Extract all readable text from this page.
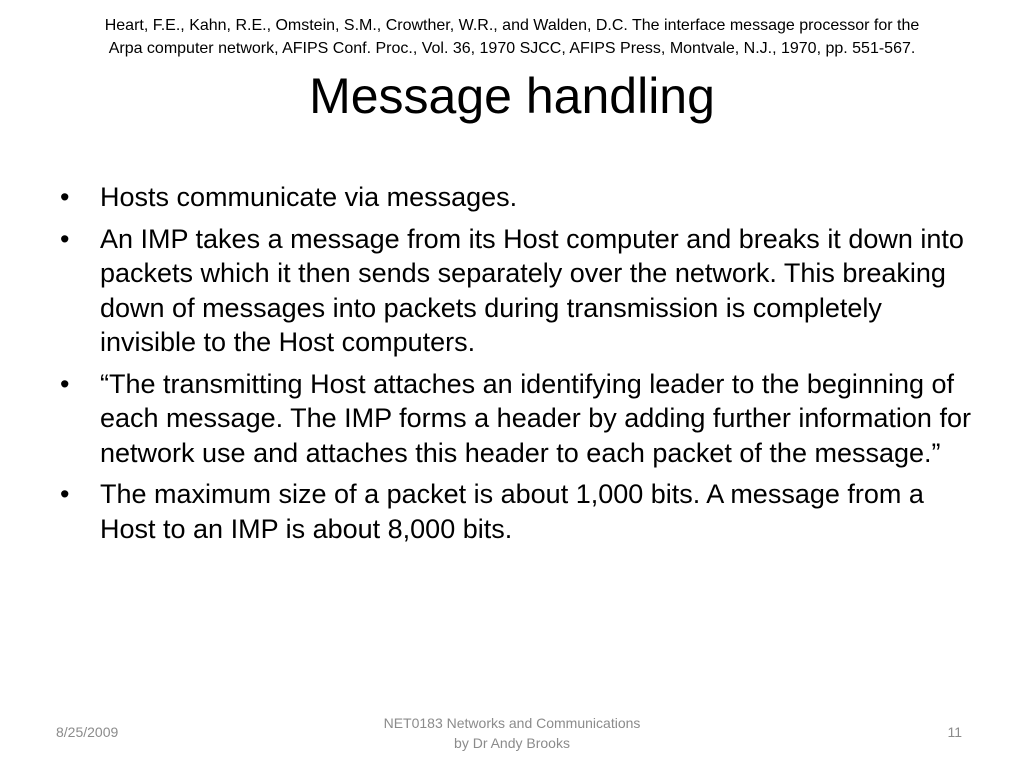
Heart, F.E., Kahn, R.E., Omstein, S.M., Crowther, W.R., and Walden, D.C. The interface message processor for the
Arpa computer network, AFIPS Conf. Proc., Vol. 36, 1970 SJCC, AFIPS Press, Montvale, N.J., 1970, pp. 551-567.
Message handling
• Hosts communicate via messages.
• An IMP takes a message from its Host computer and breaks it down into packets which it then sends separately over the network. This breaking down of messages into packets during transmission is completely invisible to the Host computers.
• “The transmitting Host attaches an identifying leader to the beginning of each message. The IMP forms a header by adding further information for network use and attaches this header to each packet of the message.”
• The maximum size of a packet is about 1,000 bits. A message from a Host to an IMP is about 8,000 bits.
8/25/2009
NET0183 Networks and Communications
by Dr Andy Brooks
11
